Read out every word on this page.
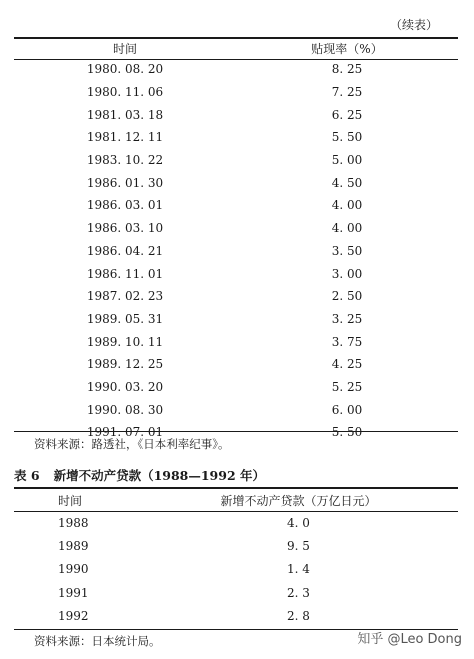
（续表）
时间	贴现率（%）
1980. 08. 20	8. 25
1980. 11. 06	7. 25
1981. 03. 18	6. 25
1981. 12. 11	5. 50
1983. 10. 22	5. 00
1986. 01. 30	4. 50
1986. 03. 01	4. 00
1986. 03. 10	4. 00
1986. 04. 21	3. 50
1986. 11. 01	3. 00
1987. 02. 23	2. 50
1989. 05. 31	3. 25
1989. 10. 11	3. 75
1989. 12. 25	4. 25
1990. 03. 20	5. 25
1990. 08. 30	6. 00
1991. 07. 01	5. 50
资料来源：路透社，《日本利率纪事》。
表 6 新增不动产贷款（1988—1992 年）
时间	新增不动产贷款（万亿日元）
1988	4. 0
1989	9. 5
1990	1. 4
1991	2. 3
1992	2. 8
资料来源：日本统计局。	知乎 @Leo Dong
